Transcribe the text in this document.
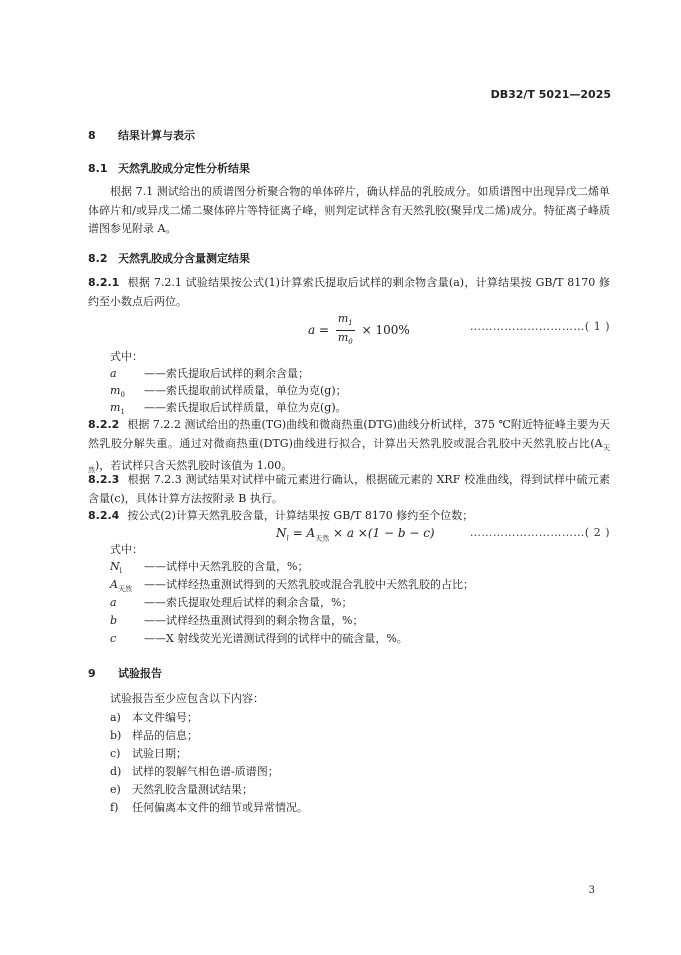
DB32/T 5021—2025
8 结果计算与表示
8.1 天然乳胶成分定性分析结果
根据 7.1 测试给出的质谱图分析聚合物的单体碎片，确认样品的乳胶成分。如质谱图中出现异戊二烯单体碎片和/或异戊二烯二聚体碎片等特征离子峰，则判定试样含有天然乳胶(聚异戊二烯)成分。特征离子峰质谱图参见附录 A。
8.2 天然乳胶成分含量测定结果
8.2.1 根据 7.2.1 试验结果按公式(1)计算索氏提取后试样的剩余物含量(a)，计算结果按 GB/T 8170 修约至小数点后两位。
$a = \frac{m_1}{m_0} \times 100\%$	…………………………( 1 )
式中：
a ——索氏提取后试样的剩余含量；
$m_0$ ——索氏提取前试样质量，单位为克(g)；
$m_1$ ——索氏提取后试样质量，单位为克(g)。
8.2.2 根据 7.2.2 测试给出的热重(TG)曲线和微商热重(DTG)曲线分析试样，375 ℃附近特征峰主要为天然乳胶分解失重。通过对微商热重(DTG)曲线进行拟合，计算出天然乳胶或混合乳胶中天然乳胶占比$(A_{天然})$，若试样只含天然乳胶时该值为 1.00。
8.2.3 根据 7.2.3 测试结果对试样中硫元素进行确认，根据硫元素的 XRF 校准曲线，得到试样中硫元素含量(c)，具体计算方法按附录 B 执行。
8.2.4 按公式(2)计算天然乳胶含量，计算结果按 GB/T 8170 修约至个位数；
$N_l = A_{天然} \times a \times(1 - b - c)$	…………………………( 2 )
式中：
$N_l$ ——试样中天然乳胶的含量，%；
$A_{天然}$ ——试样经热重测试得到的天然乳胶或混合乳胶中天然乳胶的占比；
a ——索氏提取处理后试样的剩余含量，%；
b ——试样经热重测试得到的剩余物含量，%；
c	——X 射线荧光光谱测试得到的试样中的硫含量，%。
9 试验报告
试验报告至少应包含以下内容：
a) 本文件编号；
b) 样品的信息；
c) 试验日期；
d) 试样的裂解气相色谱-质谱图；
e) 天然乳胶含量测试结果；
f) 任何偏离本文件的细节或异常情况。
3
